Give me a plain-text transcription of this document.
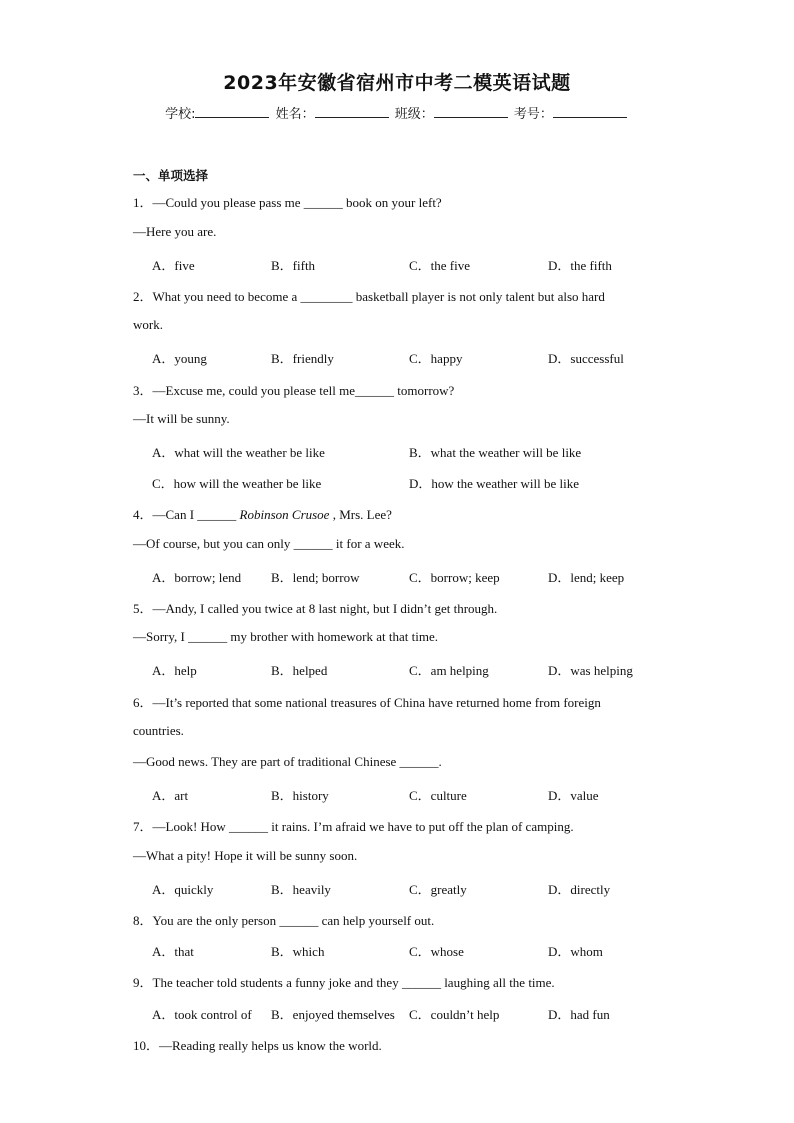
2023年安徽省宿州市中考二模英语试题
学校:	姓名：	班级：	考号：
一、单项选择
1．—Could you please pass me ______ book on your left?
—Here you are.
A．five	B．fifth	C．the five	D．the fifth
2．What you need to become a ________ basketball player is not only talent but also hard
work.
A．young	B．friendly	C．happy	D．successful
3．—Excuse me, could you please tell me______ tomorrow?
—It will be sunny.
A．what will the weather be like	B．what the weather will be like
C．how will the weather be like	D．how the weather will be like
4．—Can I ______ Robinson Crusoe , Mrs. Lee?
—Of course, but you can only ______ it for a week.
A．borrow; lend B．lend; borrow	C．borrow; keep	D．lend; keep
5．—Andy, I called you twice at 8 last night, but I didn’t get through.
—Sorry, I ______ my brother with homework at that time.
A．help	B．helped	C．am helping	D．was helping
6．—It’s reported that some national treasures of China have returned home from foreign
countries.
—Good news. They are part of traditional Chinese ______.
A．art	B．history	C．culture	D．value
7．—Look! How ______ it rains. I’m afraid we have to put off the plan of camping.
—What a pity! Hope it will be sunny soon.
A．quickly	B．heavily	C．greatly	D．directly
8．You are the only person ______ can help yourself out.
A．that	B．which	C．whose	D．whom
9．The teacher told students a funny joke and they ______ laughing all the time.
A．took control of B．enjoyed themselves C．couldn’t help	D．had fun
10．—Reading really helps us know the world.
